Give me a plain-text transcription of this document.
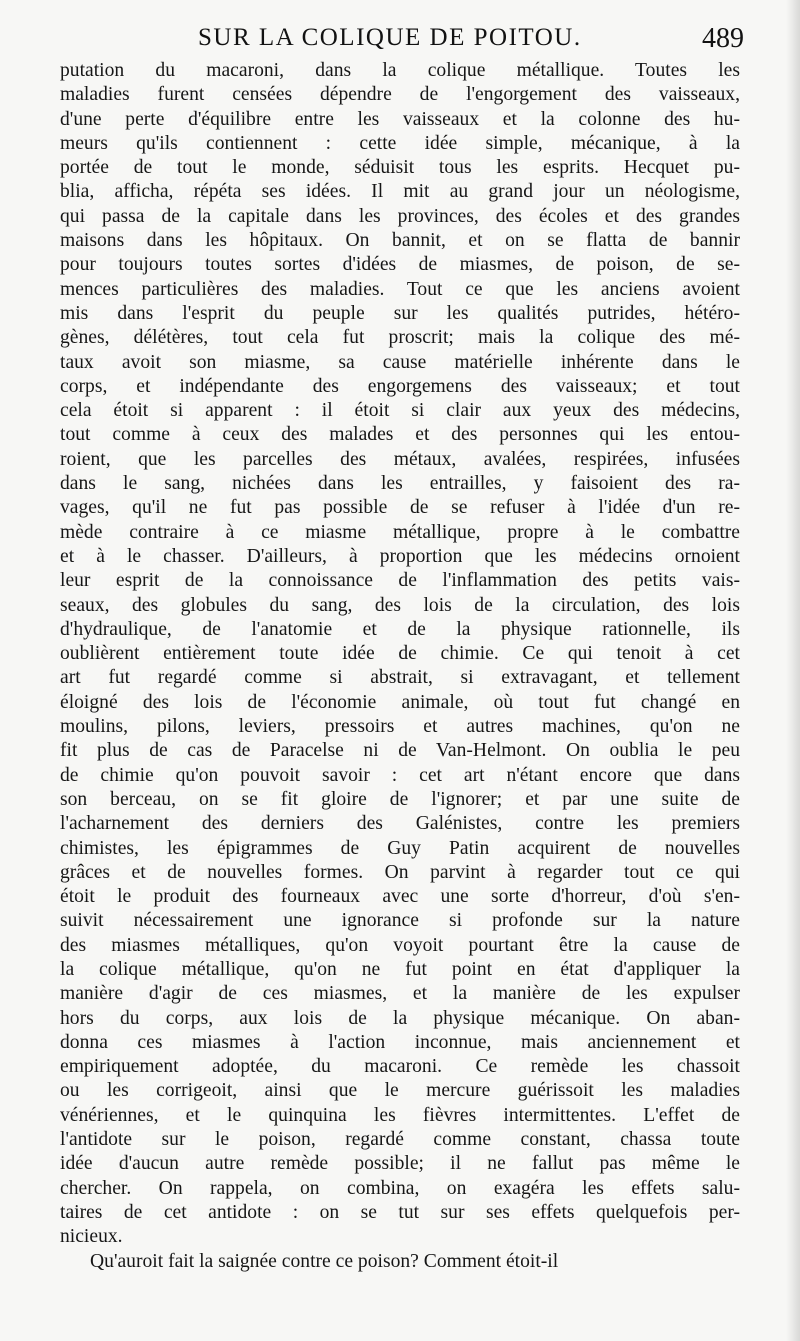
SUR LA COLIQUE DE POITOU.	489
putation du macaroni, dans la colique métallique. Toutes les
maladies furent censées dépendre de l'engorgement des vaisseaux,
d'une perte d'équilibre entre les vaisseaux et la colonne des hu-
meurs qu'ils contiennent : cette idée simple, mécanique, à la
portée de tout le monde, séduisit tous les esprits. Hecquet pu-
blia, afficha, répéta ses idées. Il mit au grand jour un néologisme,
qui passa de la capitale dans les provinces, des écoles et des grandes
maisons dans les hôpitaux. On bannit, et on se flatta de bannir
pour toujours toutes sortes d'idées de miasmes, de poison, de se-
mences particulières des maladies. Tout ce que les anciens avoient
mis dans l'esprit du peuple sur les qualités putrides, hétéro-
gènes, délétères, tout cela fut proscrit; mais la colique des mé-
taux avoit son miasme, sa cause matérielle inhérente dans le
corps, et indépendante des engorgemens des vaisseaux; et tout
cela étoit si apparent : il étoit si clair aux yeux des médecins,
tout comme à ceux des malades et des personnes qui les entou-
roient, que les parcelles des métaux, avalées, respirées, infusées
dans le sang, nichées dans les entrailles, y faisoient des ra-
vages, qu'il ne fut pas possible de se refuser à l'idée d'un re-
mède contraire à ce miasme métallique, propre à le combattre
et à le chasser. D'ailleurs, à proportion que les médecins ornoient
leur esprit de la connoissance de l'inflammation des petits vais-
seaux, des globules du sang, des lois de la circulation, des lois
d'hydraulique, de l'anatomie et de la physique rationnelle, ils
oublièrent entièrement toute idée de chimie. Ce qui tenoit à cet
art fut regardé comme si abstrait, si extravagant, et tellement
éloigné des lois de l'économie animale, où tout fut changé en
moulins, pilons, leviers, pressoirs et autres machines, qu'on ne
fit plus de cas de Paracelse ni de Van-Helmont. On oublia le peu
de chimie qu'on pouvoit savoir : cet art n'étant encore que dans
son berceau, on se fit gloire de l'ignorer; et par une suite de
l'acharnement des derniers des Galénistes, contre les premiers
chimistes, les épigrammes de Guy Patin acquirent de nouvelles
grâces et de nouvelles formes. On parvint à regarder tout ce qui
étoit le produit des fourneaux avec une sorte d'horreur, d'où s'en-
suivit nécessairement une ignorance si profonde sur la nature
des miasmes métalliques, qu'on voyoit pourtant être la cause de
la colique métallique, qu'on ne fut point en état d'appliquer la
manière d'agir de ces miasmes, et la manière de les expulser
hors du corps, aux lois de la physique mécanique. On aban-
donna ces miasmes à l'action inconnue, mais anciennement et
empiriquement adoptée, du macaroni. Ce remède les chassoit
ou les corrigeoit, ainsi que le mercure guérissoit les maladies
vénériennes, et le quinquina les fièvres intermittentes. L'effet de
l'antidote sur le poison, regardé comme constant, chassa toute
idée d'aucun autre remède possible; il ne fallut pas même le
chercher. On rappela, on combina, on exagéra les effets salu-
taires de cet antidote : on se tut sur ses effets quelquefois per-
nicieux.
Qu'auroit fait la saignée contre ce poison? Comment étoit-il
